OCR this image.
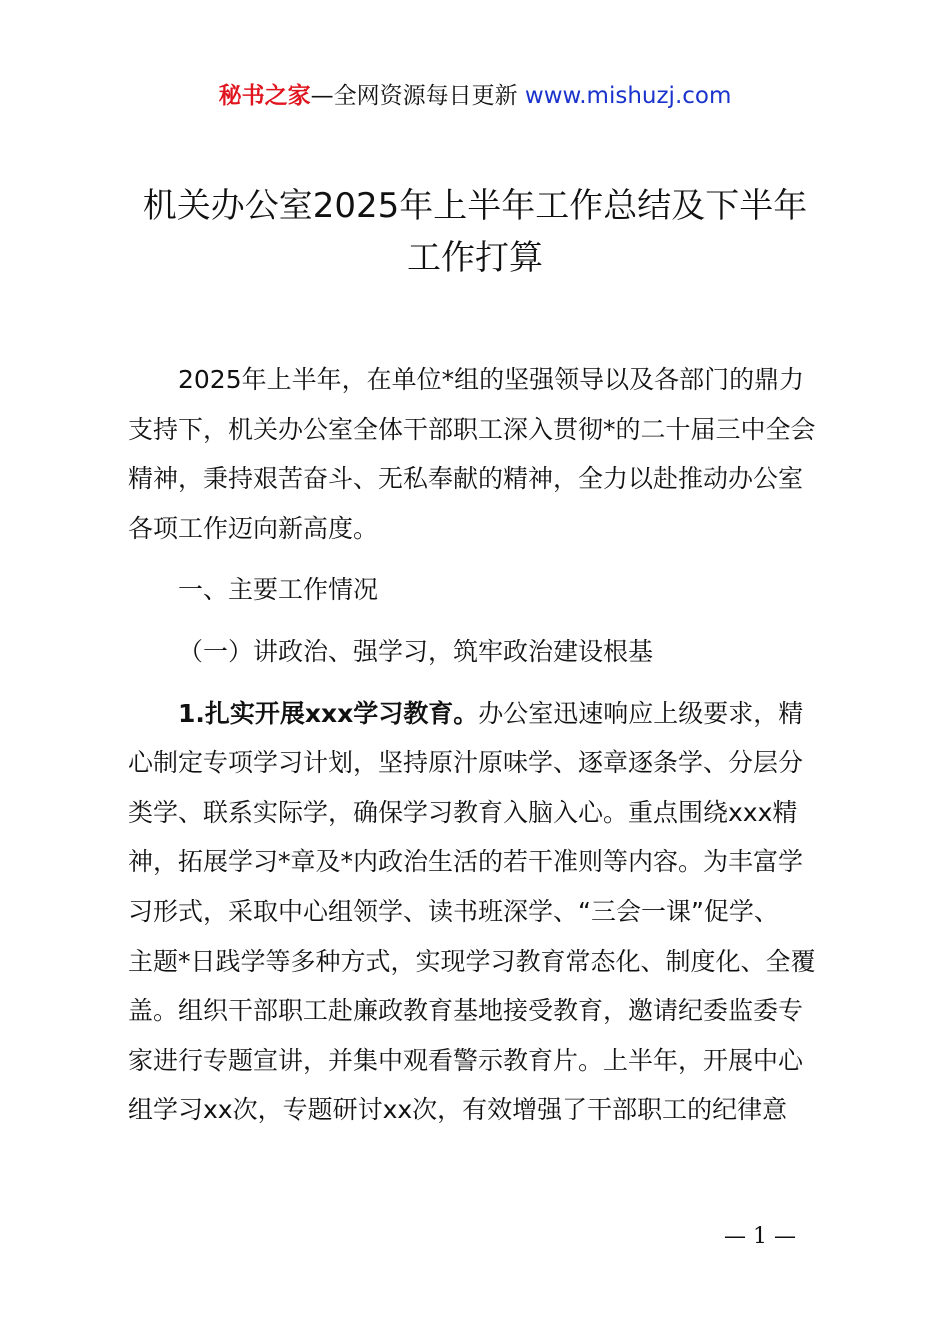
秘书之家—全网资源每日更新 www.mishuzj.com
机关办公室2025年上半年工作总结及下半年
工作打算
2025年上半年，在单位*组的坚强领导以及各部门的鼎力
支持下，机关办公室全体干部职工深入贯彻*的二十届三中全会
精神，秉持艰苦奋斗、无私奉献的精神，全力以赴推动办公室
各项工作迈向新高度。
一、主要工作情况
（一）讲政治、强学习，筑牢政治建设根基
1.扎实开展xxx学习教育。办公室迅速响应上级要求，精
心制定专项学习计划，坚持原汁原味学、逐章逐条学、分层分
类学、联系实际学，确保学习教育入脑入心。重点围绕xxx精
神，拓展学习*章及*内政治生活的若干准则等内容。为丰富学
习形式，采取中心组领学、读书班深学、“三会一课”促学、
主题*日践学等多种方式，实现学习教育常态化、制度化、全覆
盖。组织干部职工赴廉政教育基地接受教育，邀请纪委监委专
家进行专题宣讲，并集中观看警示教育片。上半年，开展中心
组学习xx次，专题研讨xx次，有效增强了干部职工的纪律意
— 1 —
